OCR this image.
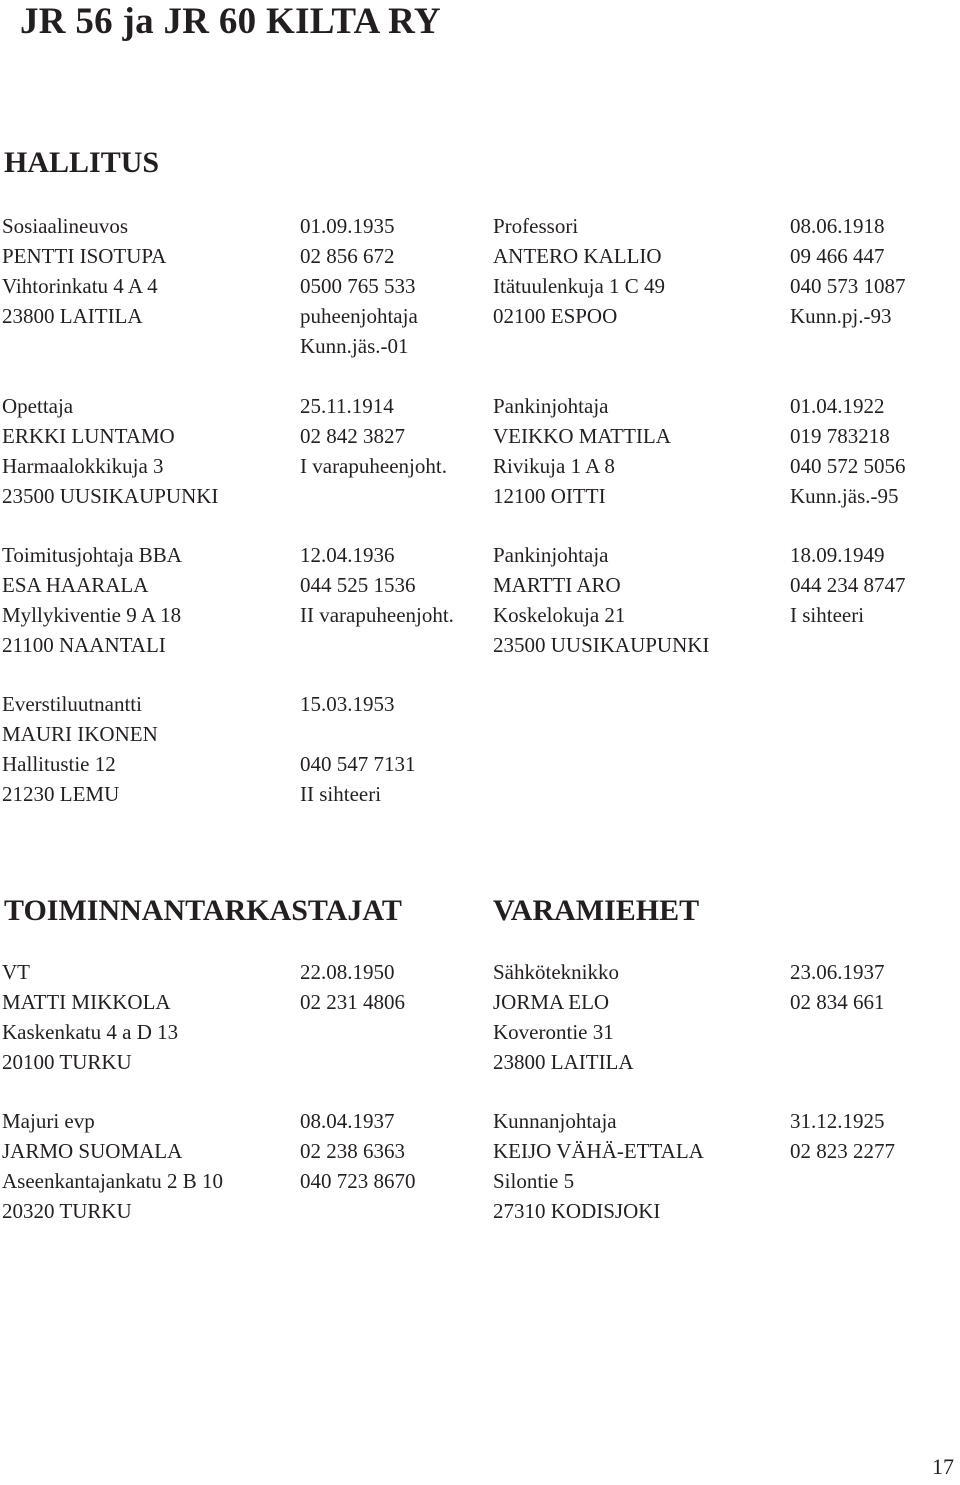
JR 56 ja JR 60 KILTA RY
HALLITUS
Sosiaalineuvos
PENTTI ISOTUPA
Vihtorinkatu 4 A 4
23800 LAITILA
01.09.1935
02 856 672
0500 765 533
puheenjohtaja
Kunn.jäs.-01
Professori
ANTERO KALLIO
Itätuulenkuja 1 C 49
02100 ESPOO
08.06.1918
09 466 447
040 573 1087
Kunn.pj.-93
Opettaja
ERKKI LUNTAMO
Harmaalokkikuja 3
23500 UUSIKAUPUNKI
25.11.1914
02 842 3827
I varapuheenjoht.
Pankinjohtaja
VEIKKO MATTILA
Rivikuja 1 A 8
12100 OITTI
01.04.1922
019 783218
040 572 5056
Kunn.jäs.-95
Toimitusjohtaja BBA
ESA HAARALA
Myllykiventie 9 A 18
21100 NAANTALI
12.04.1936
044 525 1536
II varapuheenjoht.
Pankinjohtaja
MARTTI ARO
Koskelokuja 21
23500 UUSIKAUPUNKI
18.09.1949
044 234 8747
I sihteeri
Everstiluutnantti
MAURI IKONEN
Hallitustie 12
21230 LEMU
15.03.1953
040 547 7131
II sihteeri
TOIMINNANTARKASTAJAT	VARAMIEHET
VT
MATTI MIKKOLA
Kaskenkatu 4 a D 13
20100 TURKU
22.08.1950
02 231 4806
Majuri evp
JARMO SUOMALA
Aseenkantajankatu 2 B 10
20320 TURKU
08.04.1937
02 238 6363
040 723 8670
Sähköteknikko
JORMA ELO
Koverontie 31
23800 LAITILA
23.06.1937
02 834 661
Kunnanjohtaja
KEIJO VÄHÄ-ETTALA
Silontie 5
27310 KODISJOKI
31.12.1925
02 823 2277
17
